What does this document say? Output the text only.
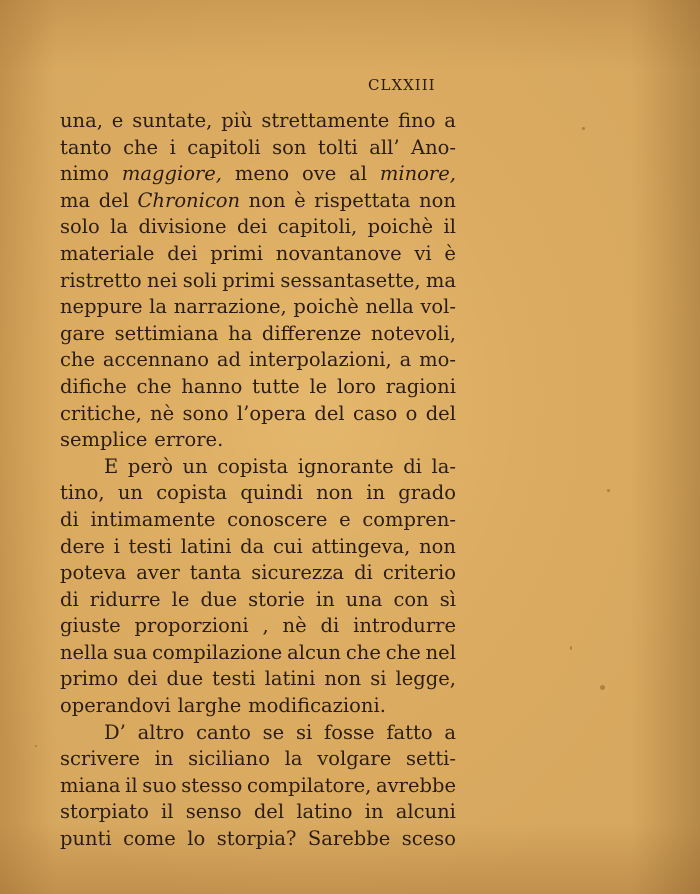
CLXXIII
una, e suntate, più strettamente fino a
tanto che i capitoli son tolti all’ Ano-
nimo maggiore, meno ove al minore,
ma del Chronicon non è rispettata non
solo la divisione dei capitoli, poichè il
materiale dei primi novantanove vi è
ristretto nei soli primi sessantasette, ma
neppure la narrazione, poichè nella vol-
gare settimiana ha differenze notevoli,
che accennano ad interpolazioni, a mo-
difiche che hanno tutte le loro ragioni
critiche, nè sono l’opera del caso o del
semplice errore.
E però un copista ignorante di la-
tino, un copista quindi non in grado
di intimamente conoscere e compren-
dere i testi latini da cui attingeva, non
poteva aver tanta sicurezza di criterio
di ridurre le due storie in una con sì
giuste proporzioni , nè di introdurre
nella sua compilazione alcun che che nel
primo dei due testi latini non si legge,
operandovi larghe modificazioni.
D’ altro canto se si fosse fatto a
scrivere in siciliano la volgare setti-
miana il suo stesso compilatore, avrebbe
storpiato il senso del latino in alcuni
punti come lo storpia? Sarebbe sceso
